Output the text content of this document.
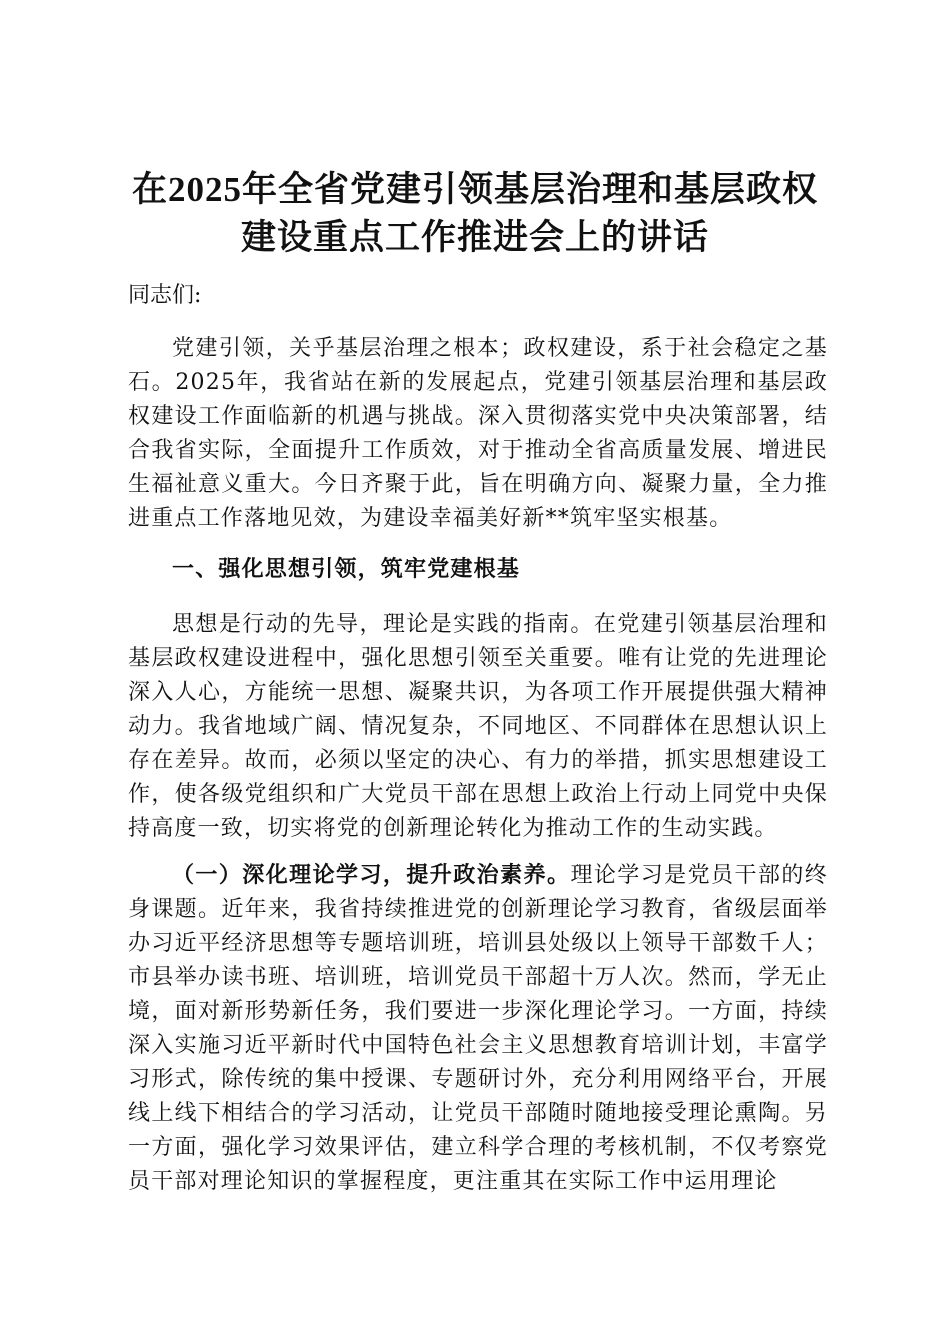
在2025年全省党建引领基层治理和基层政权
建设重点工作推进会上的讲话

同志们:

党建引领，关乎基层治理之根本；政权建设，系于社会稳定之基石。2025年，我省站在新的发展起点，党建引领基层治理和基层政权建设工作面临新的机遇与挑战。深入贯彻落实党中央决策部署，结合我省实际，全面提升工作质效，对于推动全省高质量发展、增进民生福祉意义重大。今日齐聚于此，旨在明确方向、凝聚力量，全力推进重点工作落地见效，为建设幸福美好新**筑牢坚实根基。

一、强化思想引领，筑牢党建根基

思想是行动的先导，理论是实践的指南。在党建引领基层治理和基层政权建设进程中，强化思想引领至关重要。唯有让党的先进理论深入人心，方能统一思想、凝聚共识，为各项工作开展提供强大精神动力。我省地域广阔、情况复杂，不同地区、不同群体在思想认识上存在差异。故而，必须以坚定的决心、有力的举措，抓实思想建设工作，使各级党组织和广大党员干部在思想上政治上行动上同党中央保持高度一致，切实将党的创新理论转化为推动工作的生动实践。

（一）深化理论学习，提升政治素养。理论学习是党员干部的终身课题。近年来，我省持续推进党的创新理论学习教育，省级层面举办习近平经济思想等专题培训班，培训县处级以上领导干部数千人；市县举办读书班、培训班，培训党员干部超十万人次。然而，学无止境，面对新形势新任务，我们要进一步深化理论学习。一方面，持续深入实施习近平新时代中国特色社会主义思想教育培训计划，丰富学习形式，除传统的集中授课、专题研讨外，充分利用网络平台，开展线上线下相结合的学习活动，让党员干部随时随地接受理论熏陶。另一方面，强化学习效果评估，建立科学合理的考核机制，不仅考察党员干部对理论知识的掌握程度，更注重其在实际工作中运用理论
